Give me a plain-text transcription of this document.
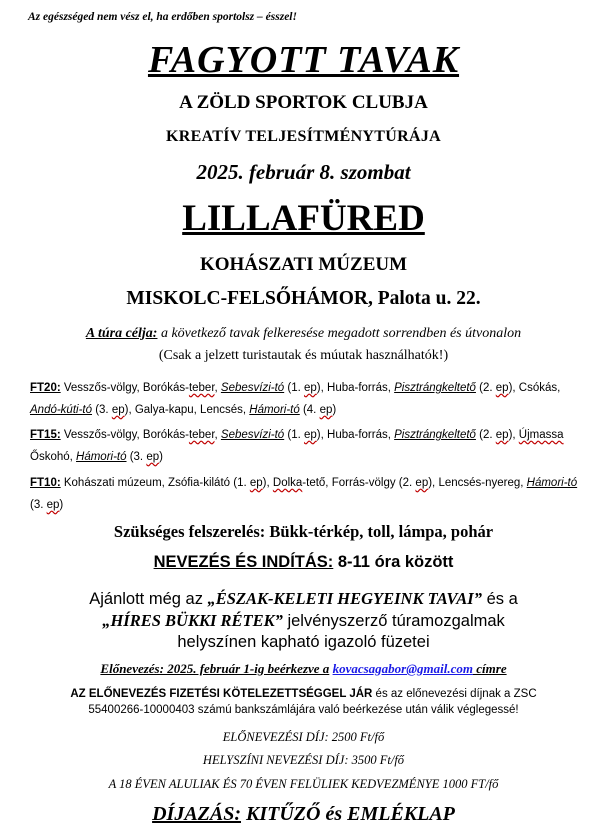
Az egészséged nem vész el, ha erdőben sportolsz – ésszel!
FAGYOTT TAVAK
A ZÖLD SPORTOK CLUBJA
KREATÍV TELJESÍTMÉNYTÚRÁJA
2025. február 8. szombat
LILLAFÜRED
KOHÁSZATI MÚZEUM
MISKOLC-FELSŐHÁMOR, Palota u. 22.
A túra célja: a következő tavak felkeresése megadott sorrendben és útvonalon
(Csak a jelzett turistautak és múutak használhatók!)
FT20: Vesszős-völgy, Borókás-teber, Sebesvízi-tó (1. ep), Huba-forrás, Pisztrángkeltető (2. ep), Csókás, Andó-kúti-tó (3. ep), Galya-kapu, Lencsés, Hámori-tó (4. ep)
FT15: Vesszős-völgy, Borókás-teber, Sebesvízi-tó (1. ep), Huba-forrás, Pisztrángkeltető (2. ep), Újmassa Őskohó, Hámori-tó (3. ep)
FT10: Kohászati múzeum, Zsófia-kilátó (1. ep), Dolka-tető, Forrás-völgy (2. ep), Lencsés-nyereg, Hámori-tó (3. ep)
Szükséges felszerelés: Bükk-térkép, toll, lámpa, pohár
NEVEZÉS ÉS INDÍTÁS: 8-11 óra között
Ajánlott még az „ÉSZAK-KELETI HEGYEINK TAVAI” és a
„HÍRES BÜKKI RÉTEK” jelvényszerző túramozgalmak
helyszínen kapható igazoló füzetei
Előnevezés: 2025. február 1-ig beérkezve a kovacsagabor@gmail.com címre
AZ ELŐNEVEZÉS FIZETÉSI KÖTELEZETTSÉGGEL JÁR és az előnevezési díjnak a ZSC
55400266-10000403 számú bankszámlájára való beérkezése után válik véglegessé!
ELŐNEVEZÉSI DÍJ: 2500 Ft/fő
HELYSZÍNI NEVEZÉSI DÍJ: 3500 Ft/fő
A 18 ÉVEN ALULIAK ÉS 70 ÉVEN FELÜLIEK KEDVEZMÉNYE 1000 FT/fő
DÍJAZÁS: KITŰZŐ és EMLÉKLAP
